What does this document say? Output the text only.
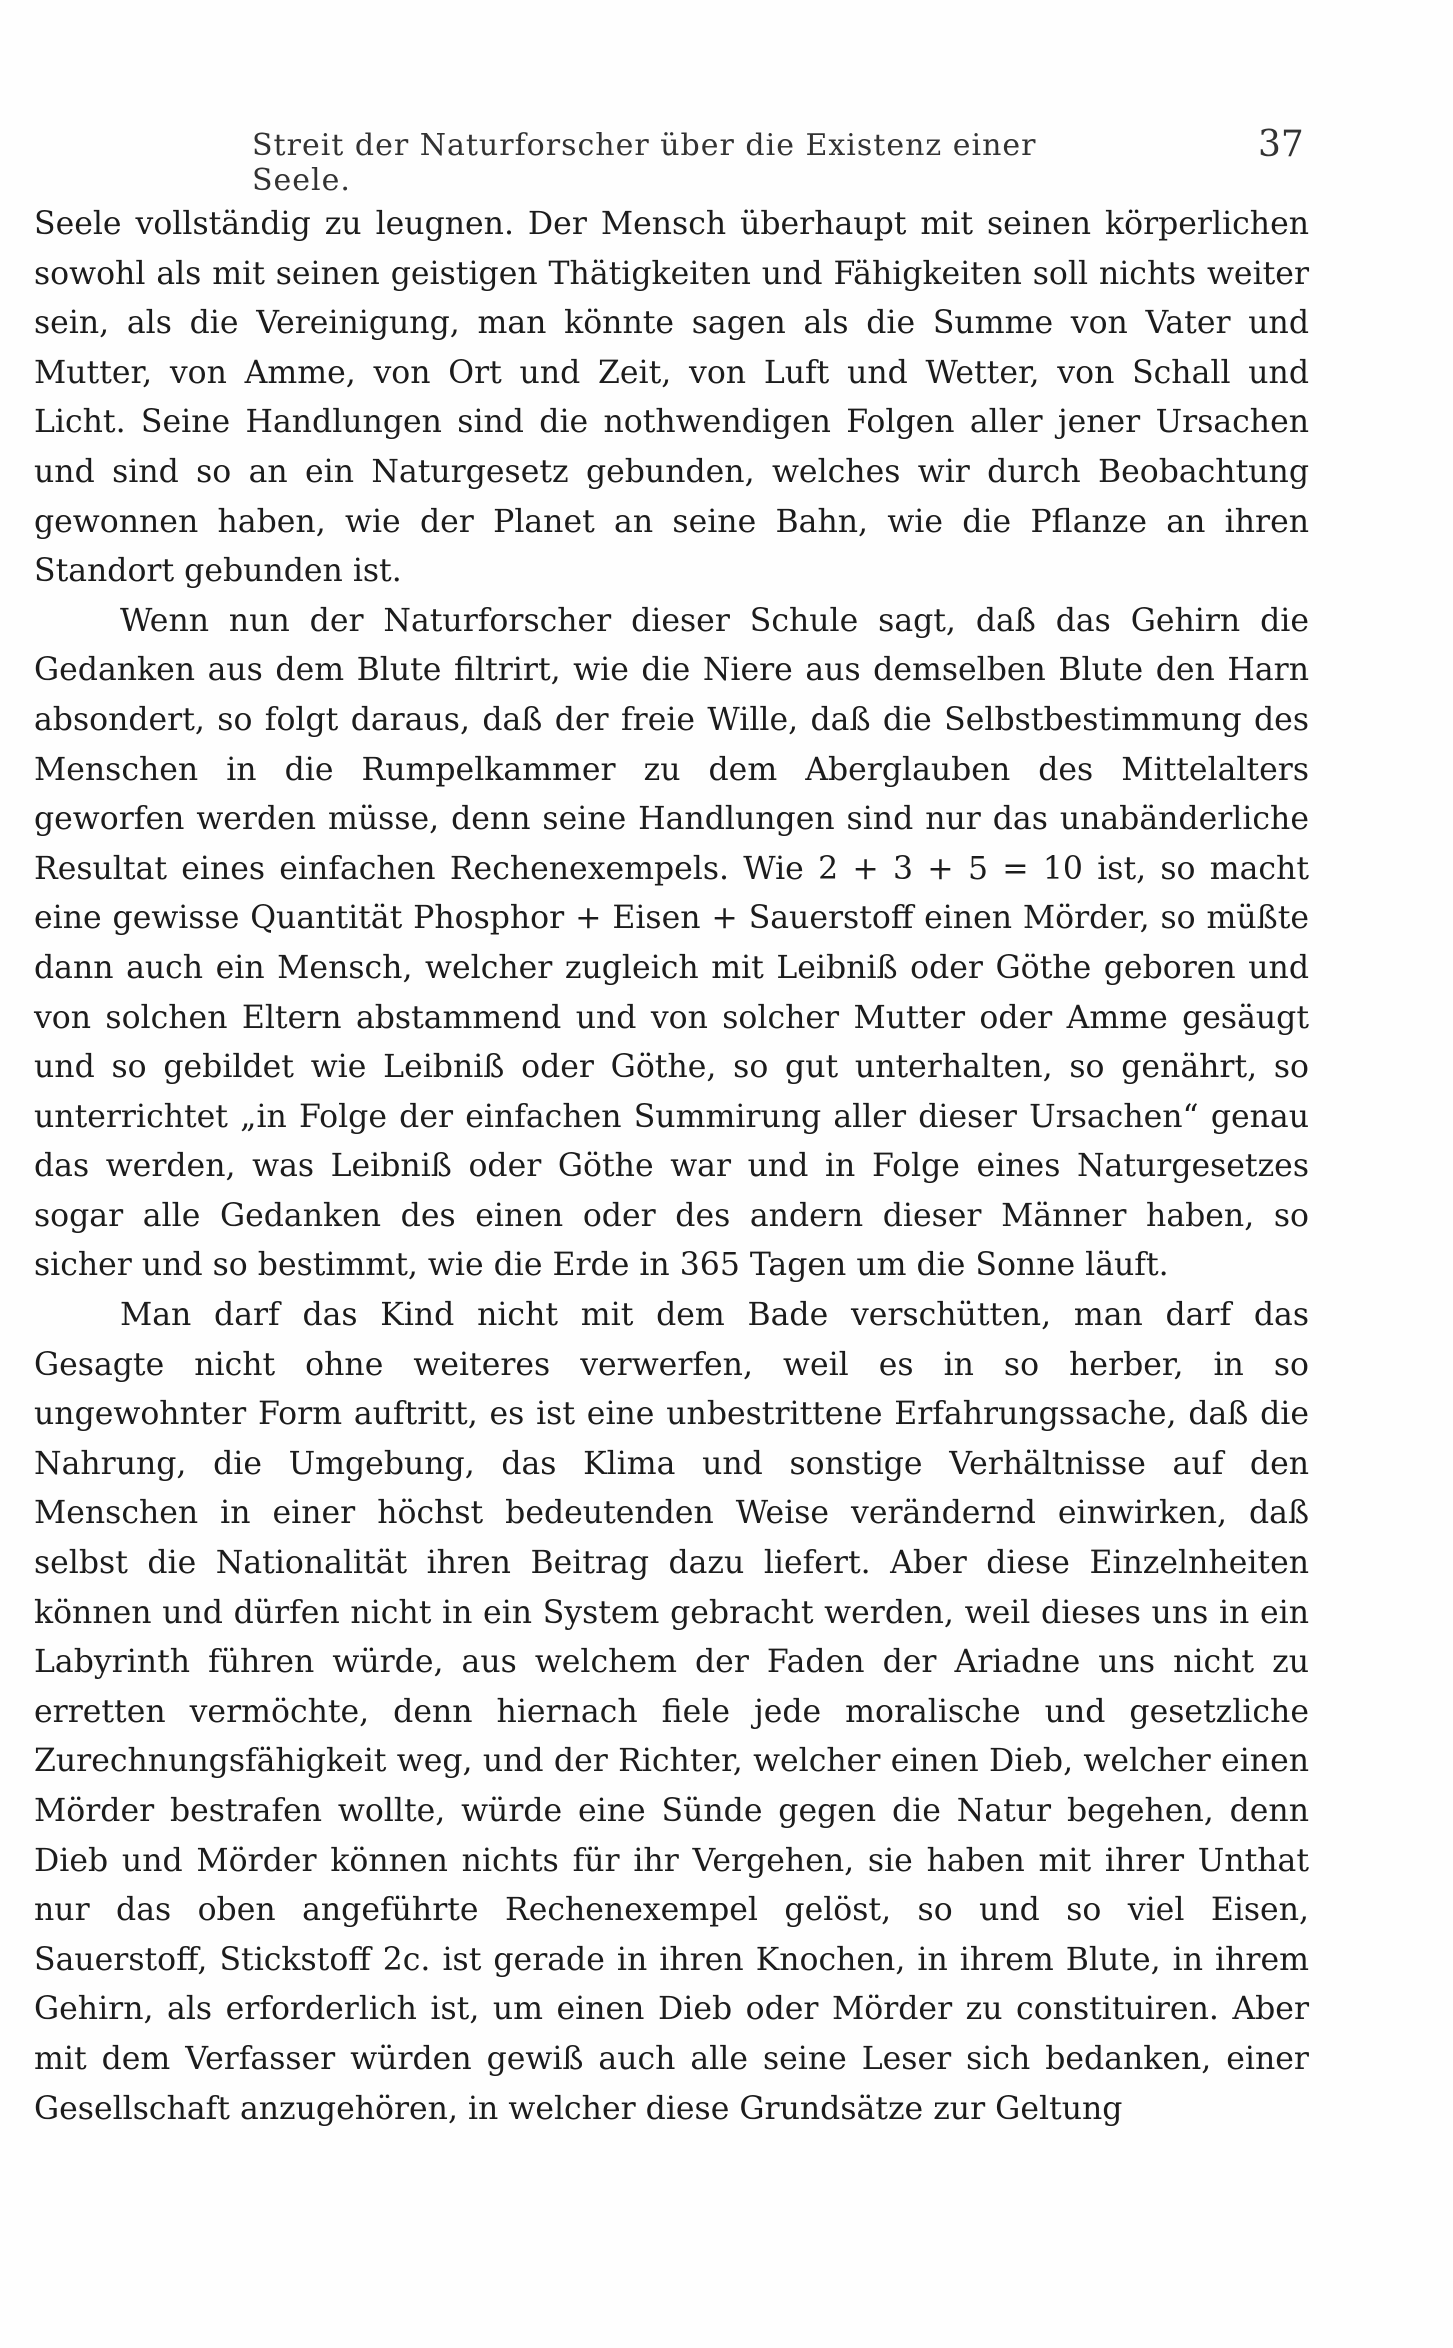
Streit der Naturforscher über die Existenz einer Seele.
37

Seele vollständig zu leugnen. Der Mensch überhaupt mit seinen körperlichen sowohl als mit seinen geistigen Thätigkeiten und Fähigkeiten soll nichts weiter sein, als die Vereinigung, man könnte sagen als die Summe von Vater und Mutter, von Amme, von Ort und Zeit, von Luft und Wetter, von Schall und Licht. Seine Handlungen sind die nothwendigen Folgen aller jener Ursachen und sind so an ein Naturgesetz gebunden, welches wir durch Beobachtung gewonnen haben, wie der Planet an seine Bahn, wie die Pflanze an ihren Standort gebunden ist.

Wenn nun der Naturforscher dieser Schule sagt, daß das Gehirn die Gedanken aus dem Blute filtrirt, wie die Niere aus demselben Blute den Harn absondert, so folgt daraus, daß der freie Wille, daß die Selbstbestimmung des Menschen in die Rumpelkammer zu dem Aberglauben des Mittelalters geworfen werden müsse, denn seine Handlungen sind nur das unabänderliche Resultat eines einfachen Rechenexempels. Wie 2 + 3 + 5 = 10 ist, so macht eine gewisse Quantität Phosphor + Eisen + Sauerstoff einen Mörder, so müßte dann auch ein Mensch, welcher zugleich mit Leibniß oder Göthe geboren und von solchen Eltern abstammend und von solcher Mutter oder Amme gesäugt und so gebildet wie Leibniß oder Göthe, so gut unterhalten, so genährt, so unterrichtet „in Folge der einfachen Summirung aller dieser Ursachen“ genau das werden, was Leibniß oder Göthe war und in Folge eines Naturgesetzes sogar alle Gedanken des einen oder des andern dieser Männer haben, so sicher und so bestimmt, wie die Erde in 365 Tagen um die Sonne läuft.

Man darf das Kind nicht mit dem Bade verschütten, man darf das Gesagte nicht ohne weiteres verwerfen, weil es in so herber, in so ungewohnter Form auftritt, es ist eine unbestrittene Erfahrungssache, daß die Nahrung, die Umgebung, das Klima und sonstige Verhältnisse auf den Menschen in einer höchst bedeutenden Weise verändernd einwirken, daß selbst die Nationalität ihren Beitrag dazu liefert. Aber diese Einzelnheiten können und dürfen nicht in ein System gebracht werden, weil dieses uns in ein Labyrinth führen würde, aus welchem der Faden der Ariadne uns nicht zu erretten vermöchte, denn hiernach fiele jede moralische und gesetzliche Zurechnungsfähigkeit weg, und der Richter, welcher einen Dieb, welcher einen Mörder bestrafen wollte, würde eine Sünde gegen die Natur begehen, denn Dieb und Mörder können nichts für ihr Vergehen, sie haben mit ihrer Unthat nur das oben angeführte Rechenexempel gelöst, so und so viel Eisen, Sauerstoff, Stickstoff 2c. ist gerade in ihren Knochen, in ihrem Blute, in ihrem Gehirn, als erforderlich ist, um einen Dieb oder Mörder zu constituiren. Aber mit dem Verfasser würden gewiß auch alle seine Leser sich bedanken, einer Gesellschaft anzugehören, in welcher diese Grundsätze zur Geltung
